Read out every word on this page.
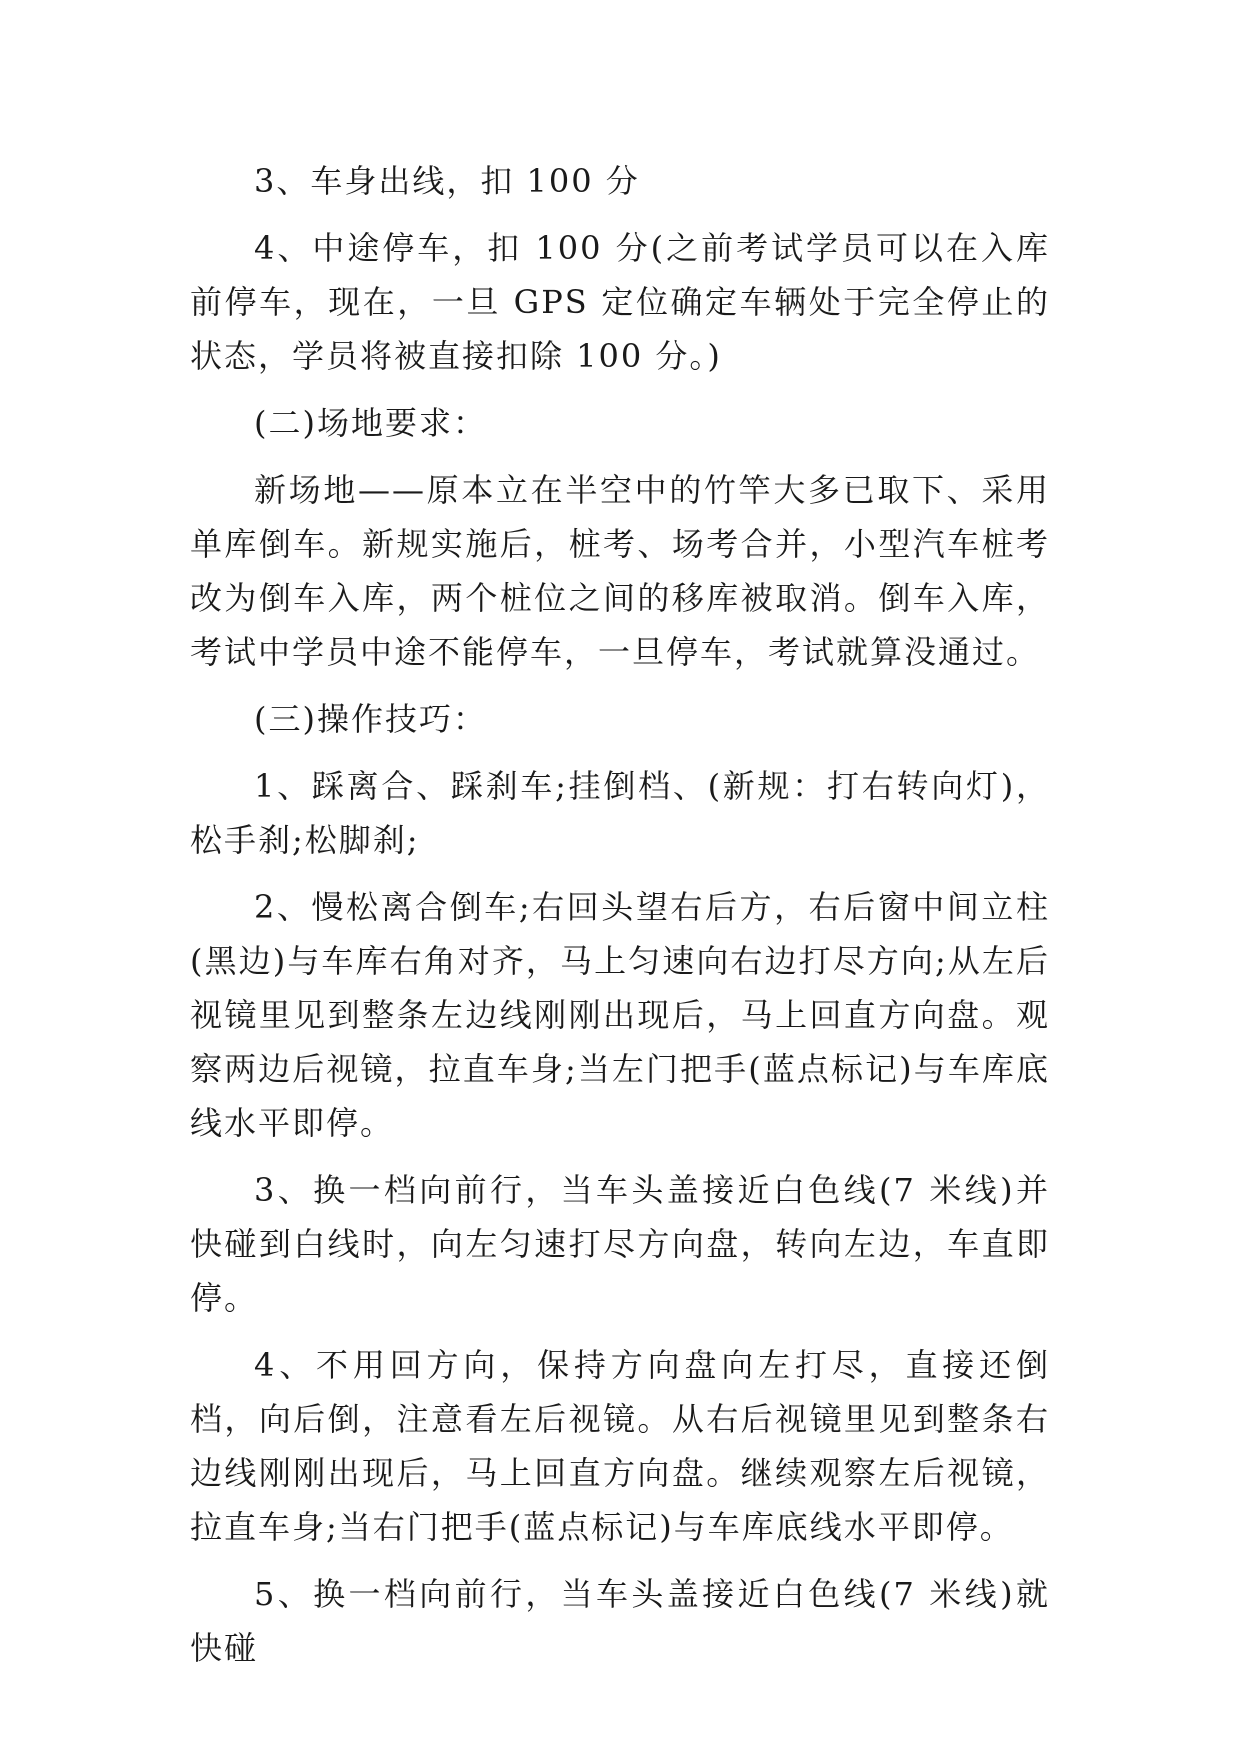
3、车身出线，扣 100 分

4、中途停车，扣 100 分(之前考试学员可以在入库前停车，现在，一旦 GPS 定位确定车辆处于完全停止的状态，学员将被直接扣除 100 分。)

(二)场地要求：

新场地——原本立在半空中的竹竿大多已取下、采用单库倒车。新规实施后，桩考、场考合并，小型汽车桩考改为倒车入库，两个桩位之间的移库被取消。倒车入库，考试中学员中途不能停车，一旦停车，考试就算没通过。

(三)操作技巧：

1、踩离合、踩刹车;挂倒档、(新规：打右转向灯)，松手刹;松脚刹;

2、慢松离合倒车;右回头望右后方，右后窗中间立柱(黑边)与车库右角对齐，马上匀速向右边打尽方向;从左后视镜里见到整条左边线刚刚出现后，马上回直方向盘。观察两边后视镜，拉直车身;当左门把手(蓝点标记)与车库底线水平即停。

3、换一档向前行，当车头盖接近白色线(7 米线)并快碰到白线时，向左匀速打尽方向盘，转向左边，车直即停。

4、不用回方向，保持方向盘向左打尽，直接还倒档，向后倒，注意看左后视镜。从右后视镜里见到整条右边线刚刚出现后，马上回直方向盘。继续观察左后视镜，拉直车身;当右门把手(蓝点标记)与车库底线水平即停。

5、换一档向前行，当车头盖接近白色线(7 米线)就快碰
